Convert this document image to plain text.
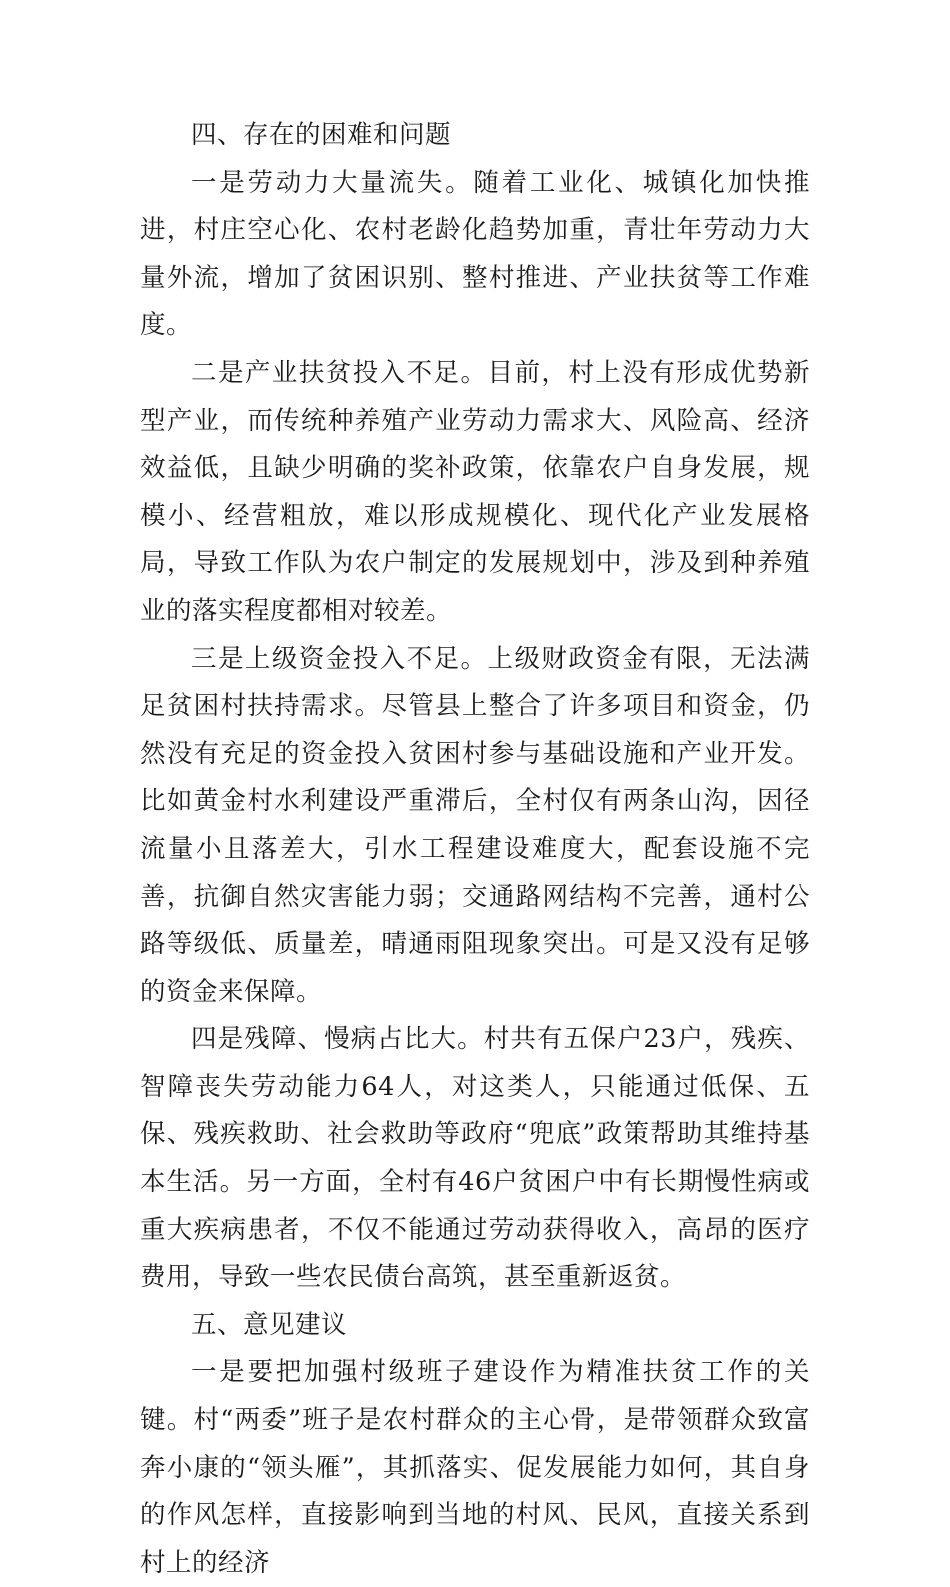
四、存在的困难和问题

一是劳动力大量流失。随着工业化、城镇化加快推进，村庄空心化、农村老龄化趋势加重，青壮年劳动力大量外流，增加了贫困识别、整村推进、产业扶贫等工作难度。

二是产业扶贫投入不足。目前，村上没有形成优势新型产业，而传统种养殖产业劳动力需求大、风险高、经济效益低，且缺少明确的奖补政策，依靠农户自身发展，规模小、经营粗放，难以形成规模化、现代化产业发展格局，导致工作队为农户制定的发展规划中，涉及到种养殖业的落实程度都相对较差。

三是上级资金投入不足。上级财政资金有限，无法满足贫困村扶持需求。尽管县上整合了许多项目和资金，仍然没有充足的资金投入贫困村参与基础设施和产业开发。比如黄金村水利建设严重滞后，全村仅有两条山沟，因径流量小且落差大，引水工程建设难度大，配套设施不完善，抗御自然灾害能力弱；交通路网结构不完善，通村公路等级低、质量差，晴通雨阻现象突出。可是又没有足够的资金来保障。

四是残障、慢病占比大。村共有五保户23户，残疾、智障丧失劳动能力64人，对这类人，只能通过低保、五保、残疾救助、社会救助等政府“兜底”政策帮助其维持基本生活。另一方面，全村有46户贫困户中有长期慢性病或重大疾病患者，不仅不能通过劳动获得收入，高昂的医疗费用，导致一些农民债台高筑，甚至重新返贫。

五、意见建议

一是要把加强村级班子建设作为精准扶贫工作的关键。村“两委”班子是农村群众的主心骨，是带领群众致富奔小康的“领头雁”，其抓落实、促发展能力如何，其自身的作风怎样，直接影响到当地的村风、民风，直接关系到村上的经济
